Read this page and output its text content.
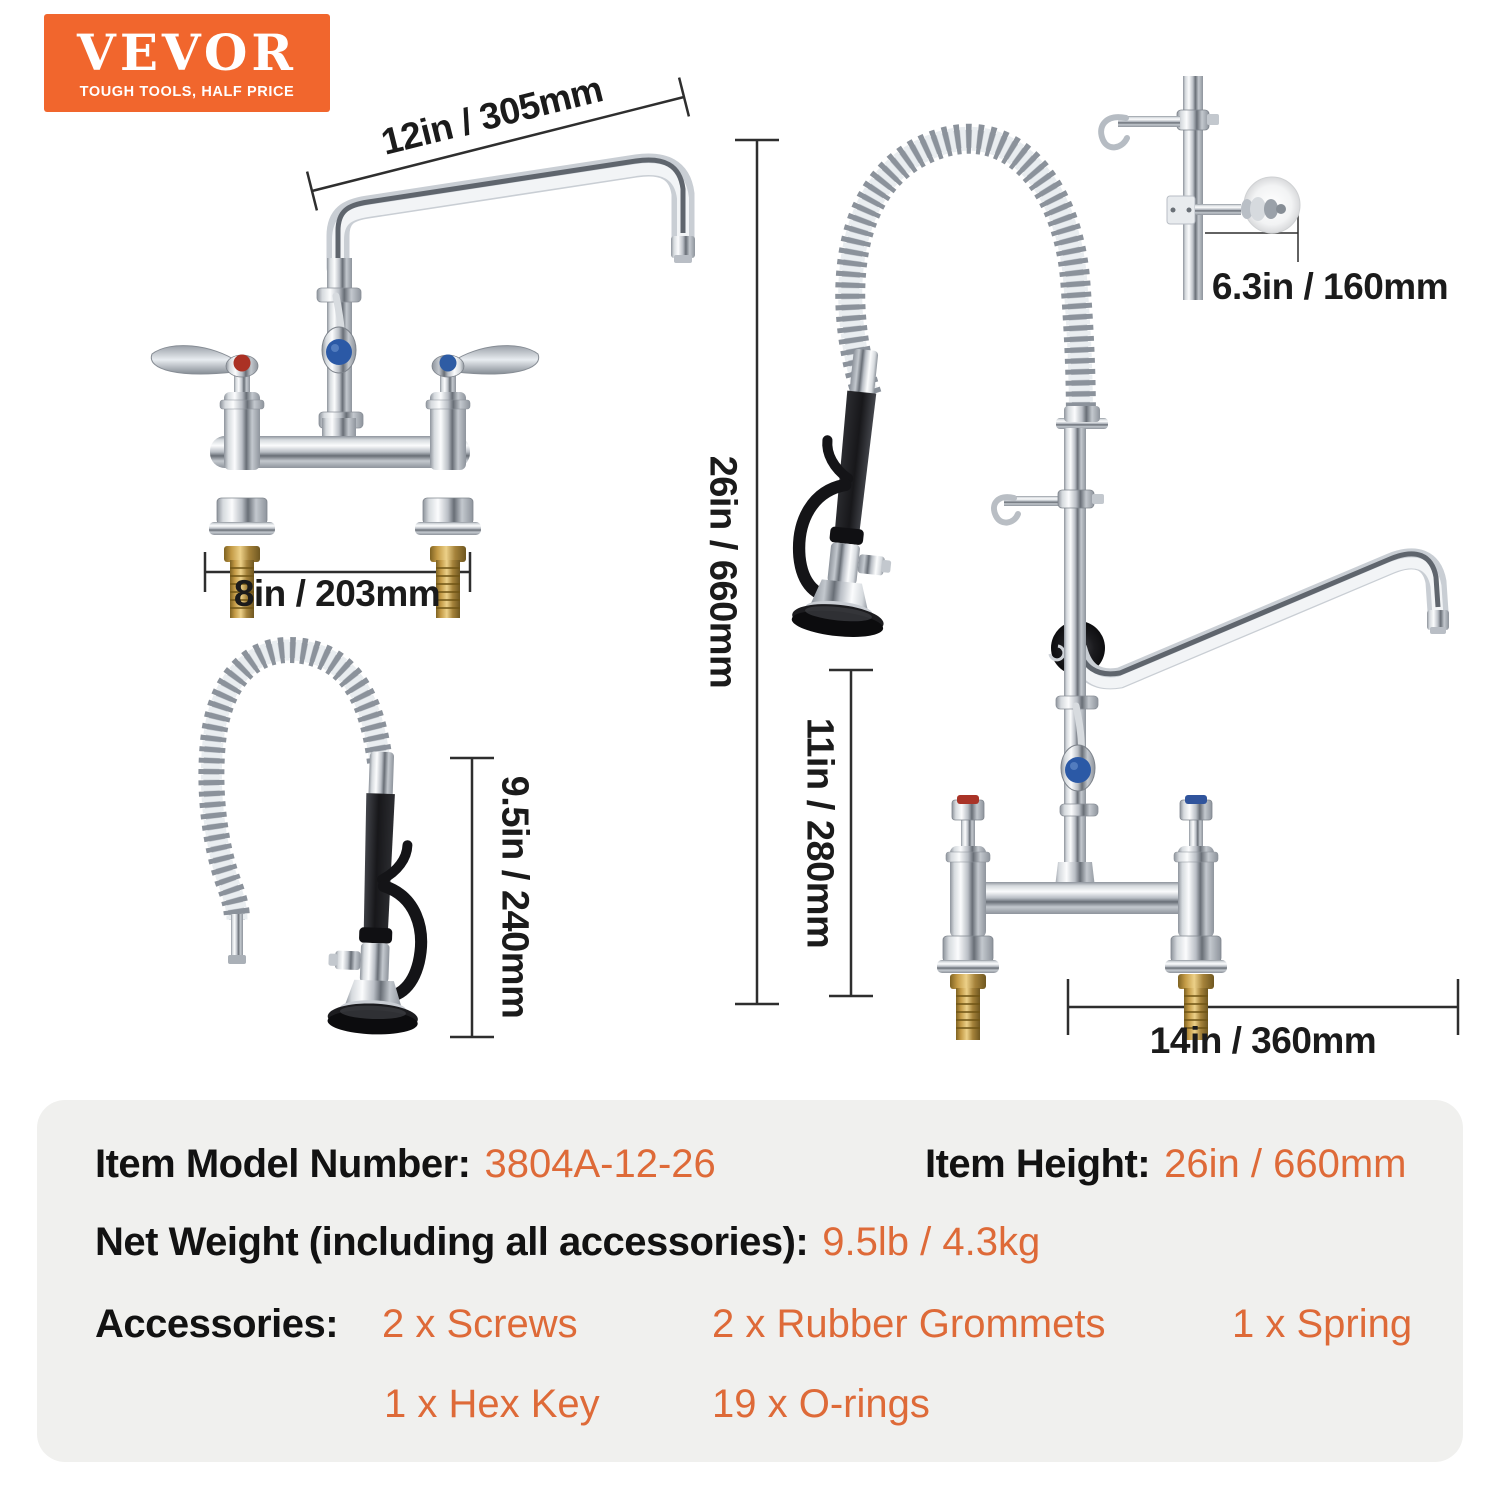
VEVOR
TOUGH TOOLS, HALF PRICE 12in / 305mm
8in / 203mm	26in / 660mm
11in / 280mm
6.3in / 160mm
9.5in / 240mm
14in / 360mm
Item Model Number: 3804A-12-26	Item Height: 26in / 660mm
Net Weight (including all accessories): 9.5lb / 4.3kg
Accessories: 2 x Screws	2 x Rubber Grommets	1 x Spring
1 x Hex Key	19 x O-rings
